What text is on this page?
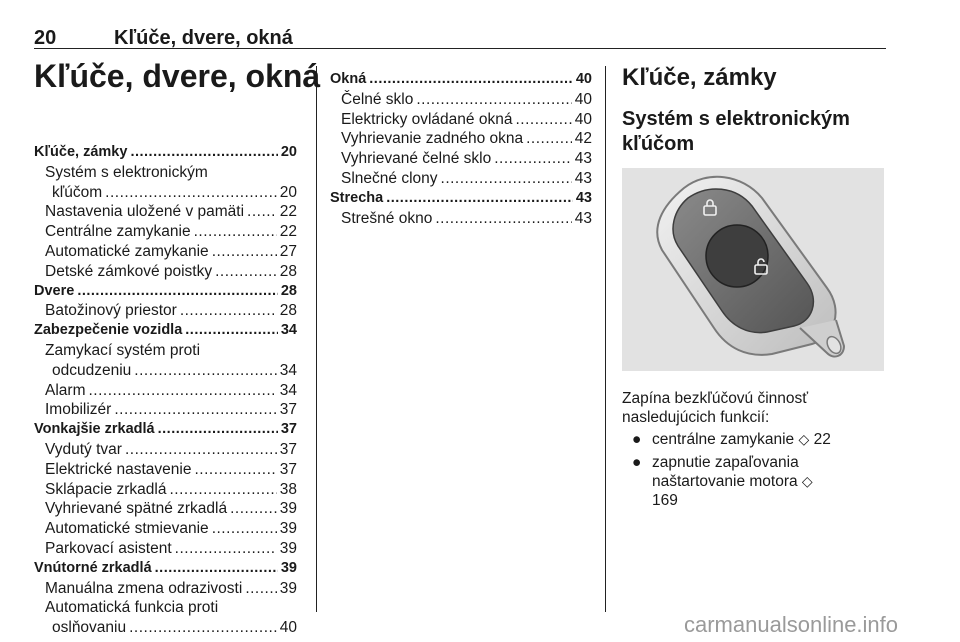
20	Kľúče, dvere, okná
Kľúče, dvere, okná
Kľúče, zámky .....	20
Systém s elektronickým
kľúčom .....	20
Nastavenia uložené v pamäti ..... 22
Centrálne zamykanie .....	22
Automatické zamykanie .....	27
Detské zámkové poistky .....	28
Dvere .....	28
Batožinový priestor .....	28
Zabezpečenie vozidla .....	34
Zamykací systém proti
odcudzeniu .....	34
Alarm .....	34
Imobilizér .....	37
Vonkajšie zrkadlá .....	37
Vydutý tvar .....	37
Elektrické nastavenie .....	37
Sklápacie zrkadlá .....	38
Vyhrievané spätné zrkadlá .....	39
Automatické stmievanie .....	39
Parkovací asistent .....	39
Vnútorné zrkadlá .....	39
Manuálna zmena odrazivosti ..... 39
Automatická funkcia proti
oslňovaniu .....	40
Okná .....	40
Čelné sklo .....	40
Elektricky ovládané okná .....	40
Vyhrievanie zadného okna .....	42
Vyhrievané čelné sklo .....	43
Slnečné clony .....	43
Strecha .....	43
Strešné okno .....	43
Kľúče, zámky
Systém s elektronickým kľúčom
Zapína bezkľúčovú činnosť nasledujúcich funkcií:
● centrálne zamykanie ◇ 22
● zapnutie zapaľovania naštartovanie motora ◇ 169
carmanualsonline.info
